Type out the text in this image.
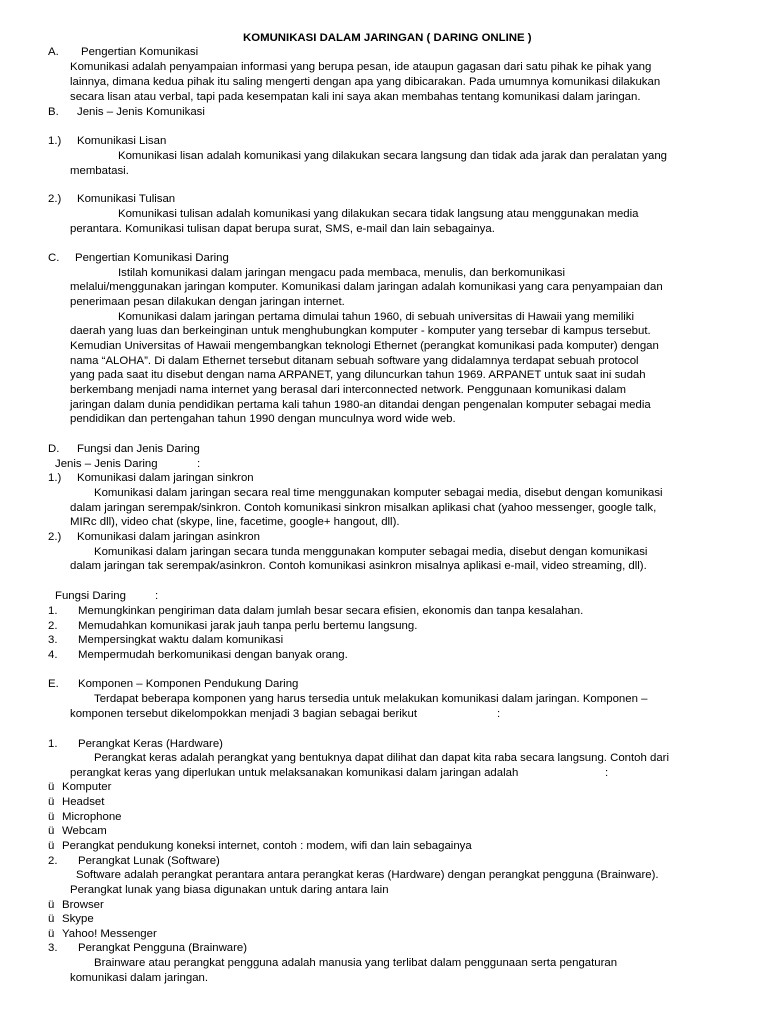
KOMUNIKASI DALAM JARINGAN ( DARING ONLINE )
A. Pengertian Komunikasi
Komunikasi adalah penyampaian informasi yang berupa pesan, ide ataupun gagasan dari satu pihak ke pihak yang
lainnya, dimana kedua pihak itu saling mengerti dengan apa yang dibicarakan. Pada umumnya komunikasi dilakukan
secara lisan atau verbal, tapi pada kesempatan kali ini saya akan membahas tentang komunikasi dalam jaringan.
B. Jenis – Jenis Komunikasi
1.) Komunikasi Lisan
Komunikasi lisan adalah komunikasi yang dilakukan secara langsung dan tidak ada jarak dan peralatan yang
membatasi.
2.) Komunikasi Tulisan
Komunikasi tulisan adalah komunikasi yang dilakukan secara tidak langsung atau menggunakan media
perantara. Komunikasi tulisan dapat berupa surat, SMS, e-mail dan lain sebagainya.
C. Pengertian Komunikasi Daring
Istilah komunikasi dalam jaringan mengacu pada membaca, menulis, dan berkomunikasi
melalui/menggunakan jaringan komputer. Komunikasi dalam jaringan adalah komunikasi yang cara penyampaian dan
penerimaan pesan dilakukan dengan jaringan internet.
Komunikasi dalam jaringan pertama dimulai tahun 1960, di sebuah universitas di Hawaii yang memiliki
daerah yang luas dan berkeinginan untuk menghubungkan komputer - komputer yang tersebar di kampus tersebut.
Kemudian Universitas of Hawaii mengembangkan teknologi Ethernet (perangkat komunikasi pada komputer) dengan
nama “ALOHA”. Di dalam Ethernet tersebut ditanam sebuah software yang didalamnya terdapat sebuah protocol
yang pada saat itu disebut dengan nama ARPANET, yang diluncurkan tahun 1969. ARPANET untuk saat ini sudah
berkembang menjadi nama internet yang berasal dari interconnected network. Penggunaan komunikasi dalam
jaringan dalam dunia pendidikan pertama kali tahun 1980-an ditandai dengan pengenalan komputer sebagai media
pendidikan dan pertengahan tahun 1990 dengan munculnya word wide web.
D. Fungsi dan Jenis Daring
Jenis – Jenis Daring	:
1.) Komunikasi dalam jaringan sinkron
Komunikasi dalam jaringan secara real time menggunakan komputer sebagai media, disebut dengan komunikasi
dalam jaringan serempak/sinkron. Contoh komunikasi sinkron misalkan aplikasi chat (yahoo messenger, google talk,
MIRc dll), video chat (skype, line, facetime, google+ hangout, dll).
2.) Komunikasi dalam jaringan asinkron
Komunikasi dalam jaringan secara tunda menggunakan komputer sebagai media, disebut dengan komunikasi
dalam jaringan tak serempak/asinkron. Contoh komunikasi asinkron misalnya aplikasi e-mail, video streaming, dll).
Fungsi Daring	:
1. Memungkinkan pengiriman data dalam jumlah besar secara efisien, ekonomis dan tanpa kesalahan.
2. Memudahkan komunikasi jarak jauh tanpa perlu bertemu langsung.
3. Mempersingkat waktu dalam komunikasi
4. Mempermudah berkomunikasi dengan banyak orang.
E. Komponen – Komponen Pendukung Daring
Terdapat beberapa komponen yang harus tersedia untuk melakukan komunikasi dalam jaringan. Komponen –
komponen tersebut dikelompokkan menjadi 3 bagian sebagai berikut	:
1. Perangkat Keras (Hardware)
Perangkat keras adalah perangkat yang bentuknya dapat dilihat dan dapat kita raba secara langsung. Contoh dari
perangkat keras yang diperlukan untuk melaksanakan komunikasi dalam jaringan adalah	:
ü Komputer
ü Headset
ü Microphone
ü Webcam
ü Perangkat pendukung koneksi internet, contoh : modem, wifi dan lain sebagainya
2. Perangkat Lunak (Software)
Software adalah perangkat perantara antara perangkat keras (Hardware) dengan perangkat pengguna (Brainware).
Perangkat lunak yang biasa digunakan untuk daring antara lain
ü Browser
ü Skype
ü Yahoo! Messenger
3. Perangkat Pengguna (Brainware)
Brainware atau perangkat pengguna adalah manusia yang terlibat dalam penggunaan serta pengaturan
komunikasi dalam jaringan.
